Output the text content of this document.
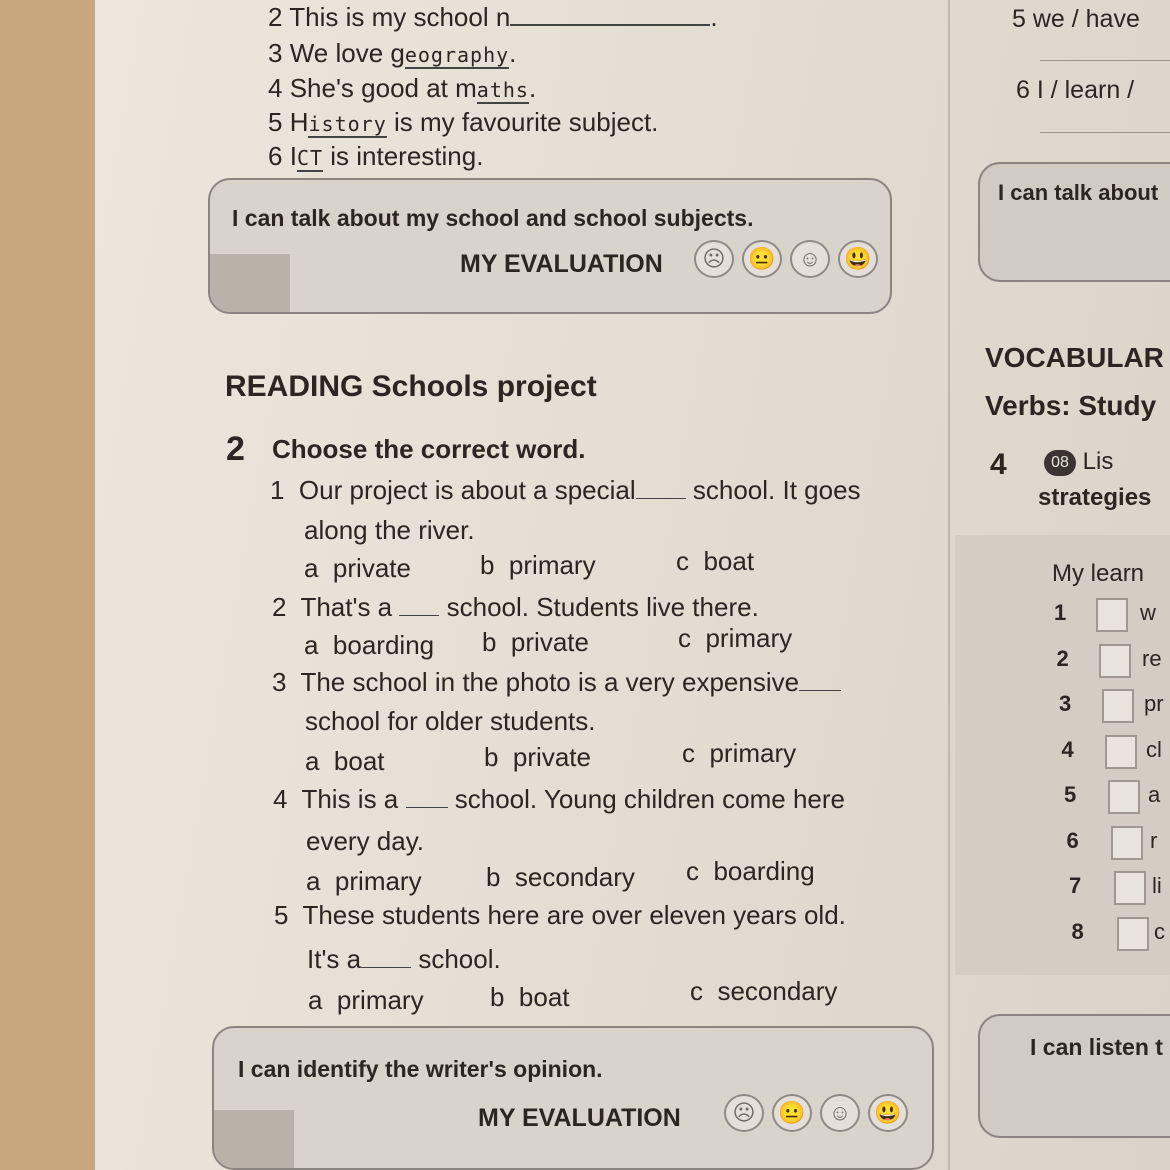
2 This is my school n	.
3 We love geography.
4 She's good at maths.
5 History is my favourite subject.
6 ICT is interesting.
I can talk about my school and school subjects.
MY EVALUATION	☹	😐	☺	😃
READING Schools project
2 Choose the correct word.
1 Our project is about a special school. It goes
along the river.
a private	b primary	c boat
2 That's a school. Students live there.
a boarding b private	c primary
3 The school in the photo is a very expensive
school for older students.
a boat	b private	c primary
4 This is a school. Young children come here
every day.
a primary b secondary c boarding
5 These students here are over eleven years old.
It's a school.
a primary	b boat	c secondary
I can identify the writer's opinion.
MY EVALUATION	☹	😐	☺	😃
5 we / have
6 I / learn /
I can talk about
VOCABULAR
Verbs: Study
4	08 Lis
strategies
My learn
1	w
2	re
3	pr
4	cl
5	a
6	r
7	li
8	c
I can listen t
